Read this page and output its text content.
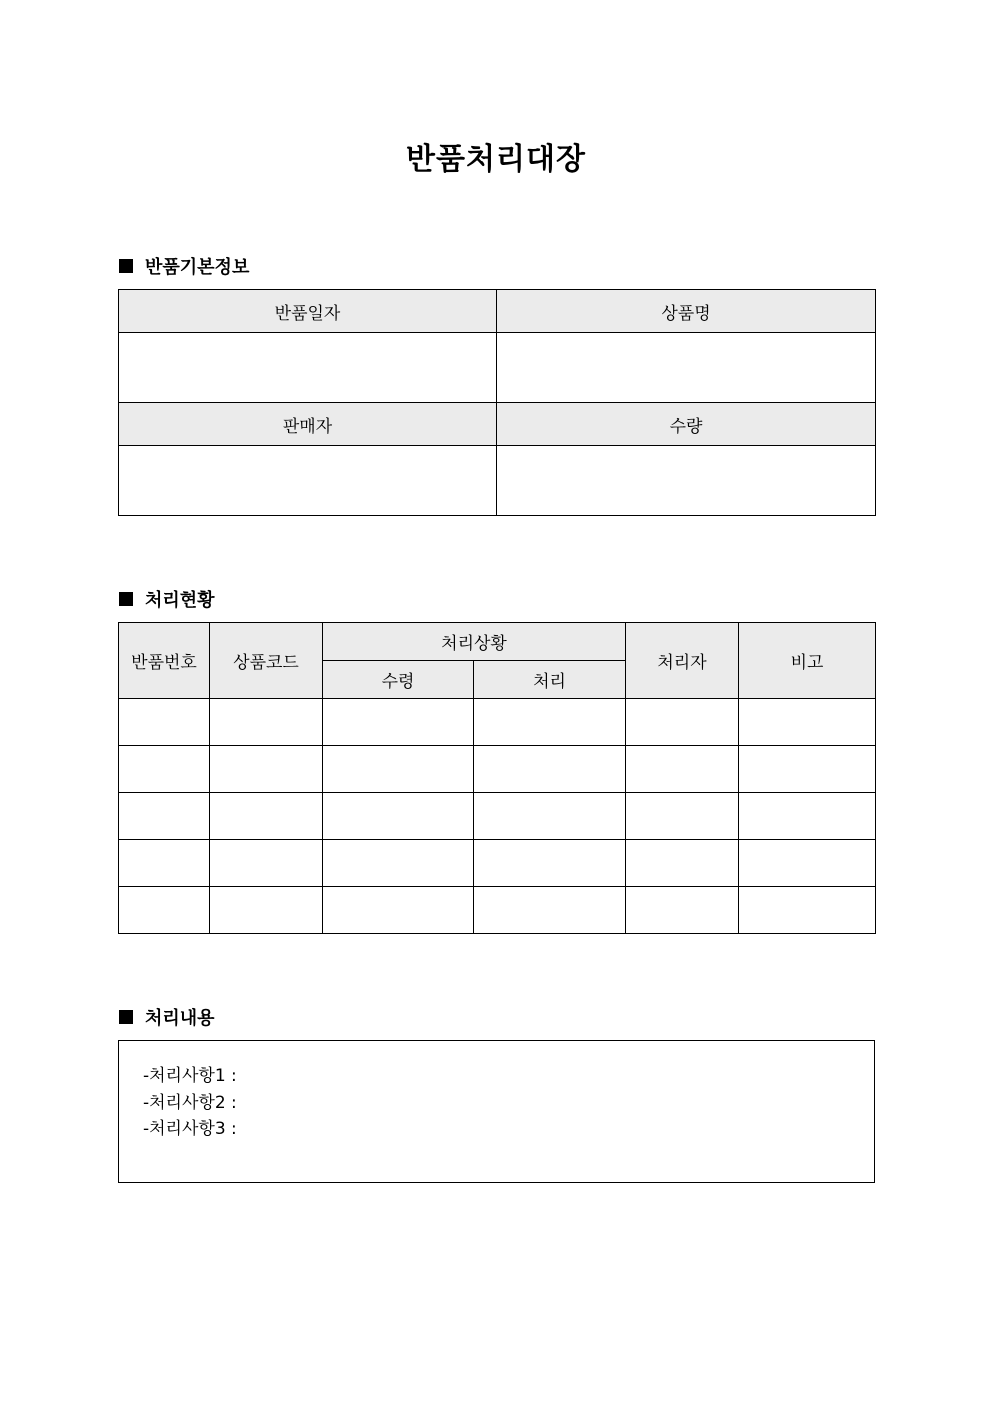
반품처리대장
반품기본정보
반품일자	상품명

판매자	수량

처리현황
반품번호	상품코드	처리상황		처리자	비고
		수령	처리		

처리내용
-처리사항1 :
-처리사항2 :
-처리사항3 :
